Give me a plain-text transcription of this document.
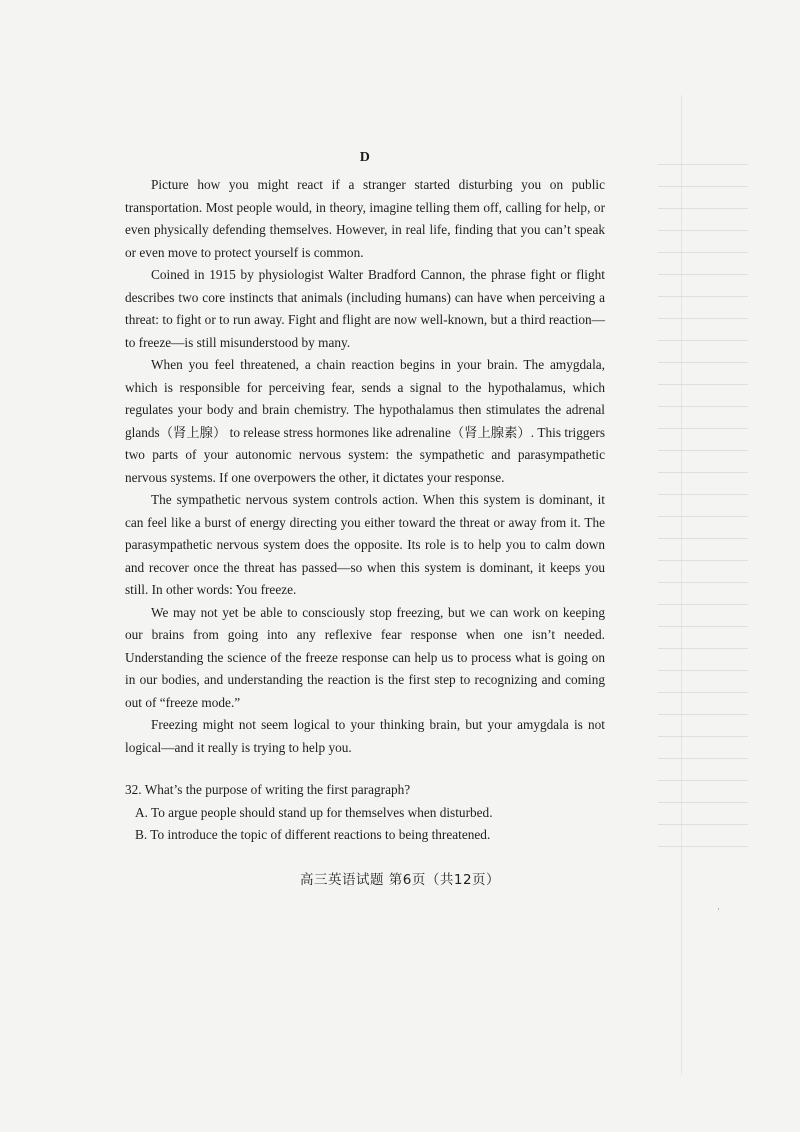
D

Picture how you might react if a stranger started disturbing you on public transportation. Most people would, in theory, imagine telling them off, calling for help, or even physically defending themselves. However, in real life, finding that you can’t speak or even move to protect yourself is common.

Coined in 1915 by physiologist Walter Bradford Cannon, the phrase fight or flight describes two core instincts that animals (including humans) can have when perceiving a threat: to fight or to run away. Fight and flight are now well-known, but a third reaction—to freeze—is still misunderstood by many.

When you feel threatened, a chain reaction begins in your brain. The amygdala, which is responsible for perceiving fear, sends a signal to the hypothalamus, which regulates your body and brain chemistry. The hypothalamus then stimulates the adrenal glands（肾上腺） to release stress hormones like adrenaline（肾上腺素）. This triggers two parts of your autonomic nervous system: the sympathetic and parasympathetic nervous systems. If one overpowers the other, it dictates your response.

The sympathetic nervous system controls action. When this system is dominant, it can feel like a burst of energy directing you either toward the threat or away from it. The parasympathetic nervous system does the opposite. Its role is to help you to calm down and recover once the threat has passed—so when this system is dominant, it keeps you still. In other words: You freeze.

We may not yet be able to consciously stop freezing, but we can work on keeping our brains from going into any reflexive fear response when one isn’t needed. Understanding the science of the freeze response can help us to process what is going on in our bodies, and understanding the reaction is the first step to recognizing and coming out of “freeze mode.”

Freezing might not seem logical to your thinking brain, but your amygdala is not logical—and it really is trying to help you.

32. What’s the purpose of writing the first paragraph?

A. To argue people should stand up for themselves when disturbed.

B. To introduce the topic of different reactions to being threatened.

高三英语试题 第6页（共12页）
·
